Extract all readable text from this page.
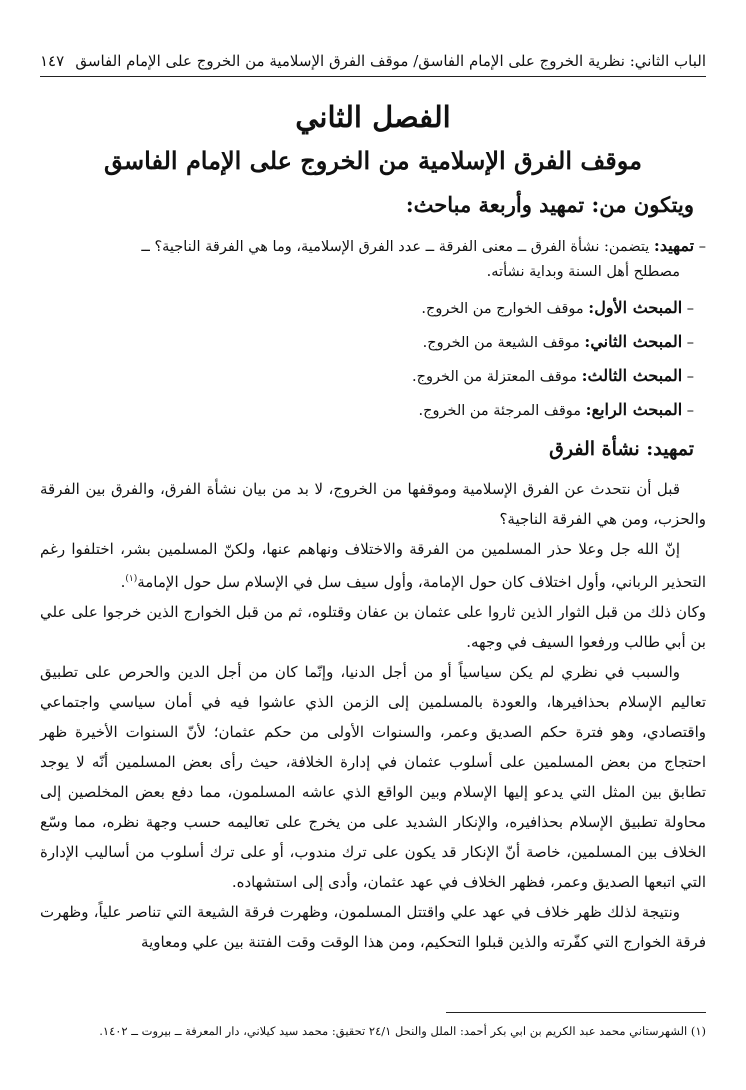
الباب الثاني: نظرية الخروج على الإمام الفاسق/ موقف الفرق الإسلامية من الخروج على الإمام الفاسق
١٤٧
الفصل الثاني
موقف الفرق الإسلامية من الخروج على الإمام الفاسق
ويتكون من: تمهيد وأربعة مباحث:
– تمهيد: يتضمن: نشأة الفرق ــ معنى الفرقة ــ عدد الفرق الإسلامية، وما هي الفرقة الناجية؟ ــ
مصطلح أهل السنة وبداية نشأته.
– المبحث الأول: موقف الخوارج من الخروج.
– المبحث الثاني: موقف الشيعة من الخروج.
– المبحث الثالث: موقف المعتزلة من الخروج.
– المبحث الرابع: موقف المرجئة من الخروج.
تمهيد: نشأة الفرق

قبل أن نتحدث عن الفرق الإسلامية وموقفها من الخروج، لا بد من بيان نشأة الفرق، والفرق بين الفرقة والحزب، ومن هي الفرقة الناجية؟

إنّ الله جل وعلا حذر المسلمين من الفرقة والاختلاف ونهاهم عنها، ولكنّ المسلمين بشر، اختلفوا رغم التحذير الرباني، وأول اختلاف كان حول الإمامة، وأول سيف سل في الإسلام سل حول الإمامة$^{(١)}$.

وكان ذلك من قبل الثوار الذين ثاروا على عثمان بن عفان وقتلوه، ثم من قبل الخوارج الذين خرجوا على علي بن أبي طالب ورفعوا السيف في وجهه.

والسبب في نظري لم يكن سياسياً أو من أجل الدنيا، وإنّما كان من أجل الدين والحرص على تطبيق تعاليم الإسلام بحذافيرها، والعودة بالمسلمين إلى الزمن الذي عاشوا فيه في أمان سياسي واجتماعي واقتصادي، وهو فترة حكم الصديق وعمر، والسنوات الأولى من حكم عثمان؛ لأنّ السنوات الأخيرة ظهر احتجاج من بعض المسلمين على أسلوب عثمان في إدارة الخلافة، حيث رأى بعض المسلمين أنّه لا يوجد تطابق بين المثل التي يدعو إليها الإسلام وبين الواقع الذي عاشه المسلمون، مما دفع بعض المخلصين إلى محاولة تطبيق الإسلام بحذافيره، والإنكار الشديد على من يخرج على تعاليمه حسب وجهة نظره، مما وسّع الخلاف بين المسلمين، خاصة أنّ الإنكار قد يكون على ترك مندوب، أو على ترك أسلوب من أساليب الإدارة التي اتبعها الصديق وعمر، فظهر الخلاف في عهد عثمان، وأدى إلى استشهاده.

ونتيجة لذلك ظهر خلاف في عهد علي واقتتل المسلمون، وظهرت فرقة الشيعة التي تناصر علياً، وظهرت فرقة الخوارج التي كفّرته والذين قبلوا التحكيم، ومن هذا الوقت وقت الفتنة بين علي ومعاوية

(١) الشهرستاني محمد عبد الكريم بن ابي بكر أحمد: الملل والنحل ٢٤/١ تحقيق: محمد سيد كيلاني، دار المعرفة ــ بيروت ــ ١٤٠٢.
